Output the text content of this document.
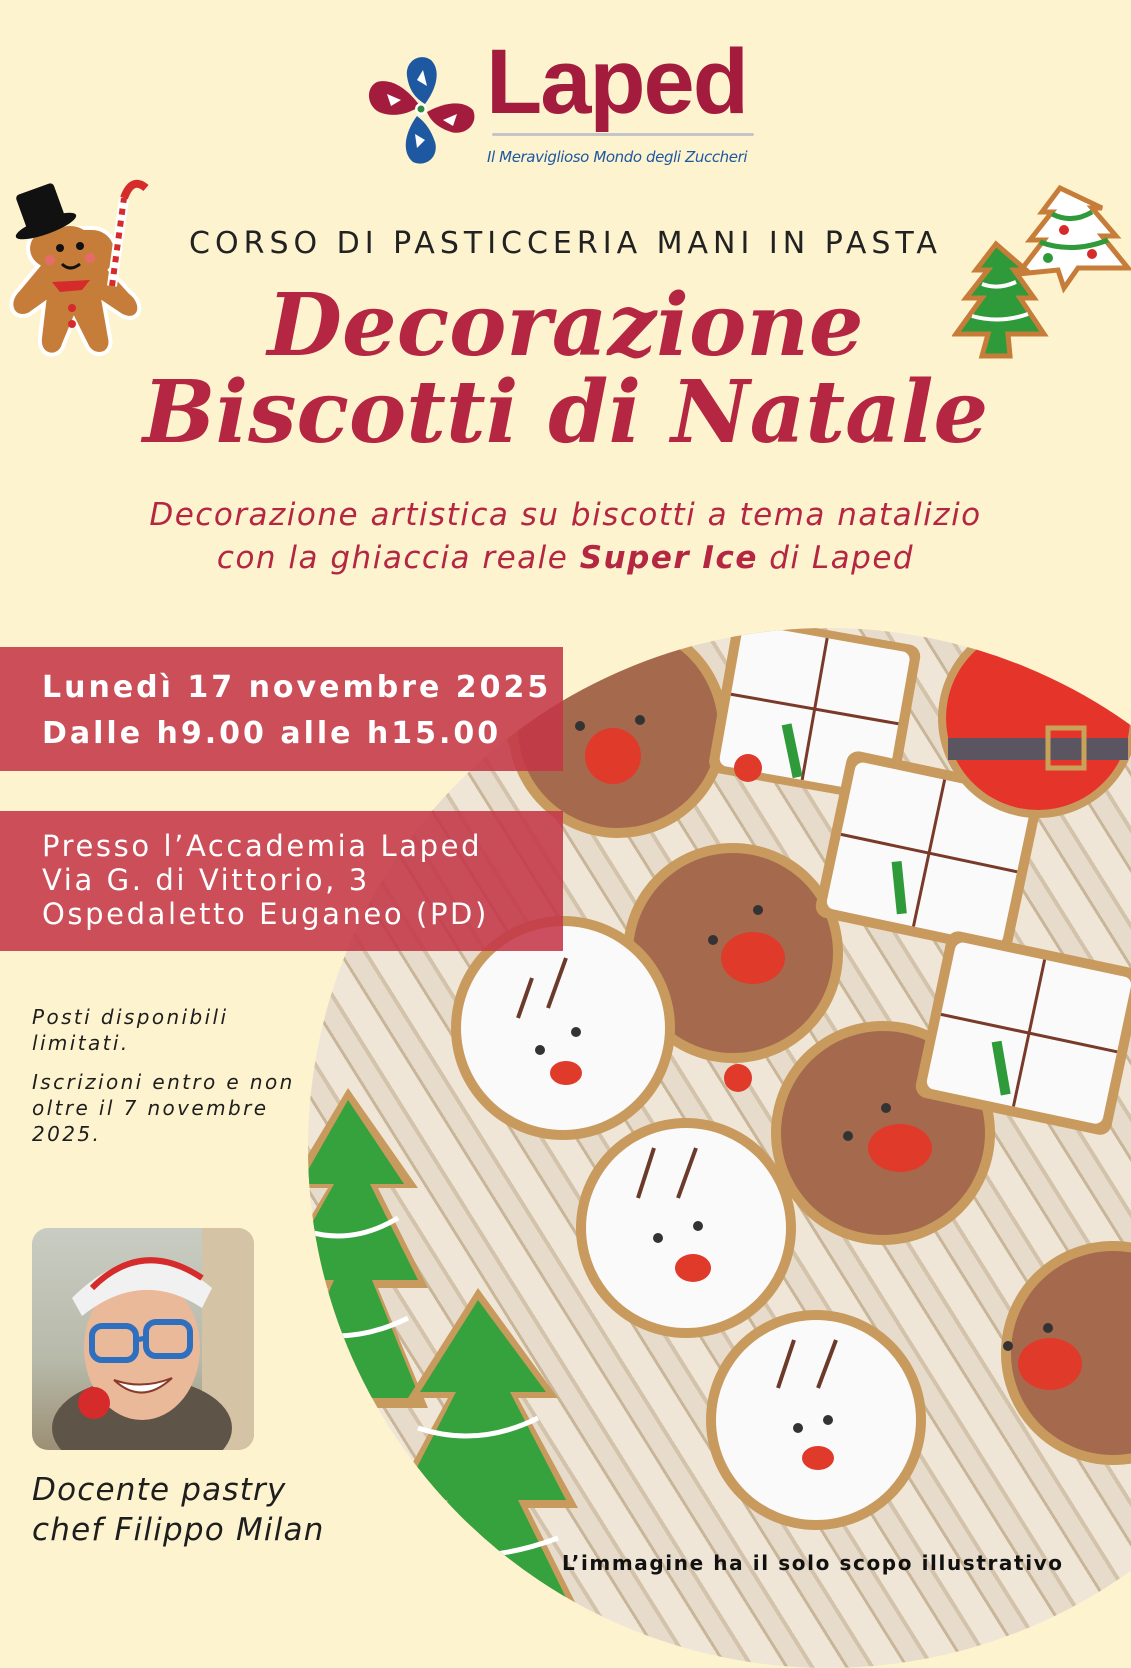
Laped
Il Meraviglioso Mondo degli Zuccheri
CORSO DI PASTICCERIA MANI IN PASTA
Decorazione
Biscotti di Natale
Decorazione artistica su biscotti a tema natalizio
con la ghiaccia reale Super Ice di Laped
Lunedì 17 novembre 2025
Dalle h9.00 alle h15.00
Presso l’Accademia Laped
Via G. di Vittorio, 3
Ospedaletto Euganeo (PD)
Posti disponibili limitati.
Iscrizioni entro e non oltre il 7 novembre 2025.
Docente pastry
chef Filippo Milan
L’immagine ha il solo scopo illustrativo
